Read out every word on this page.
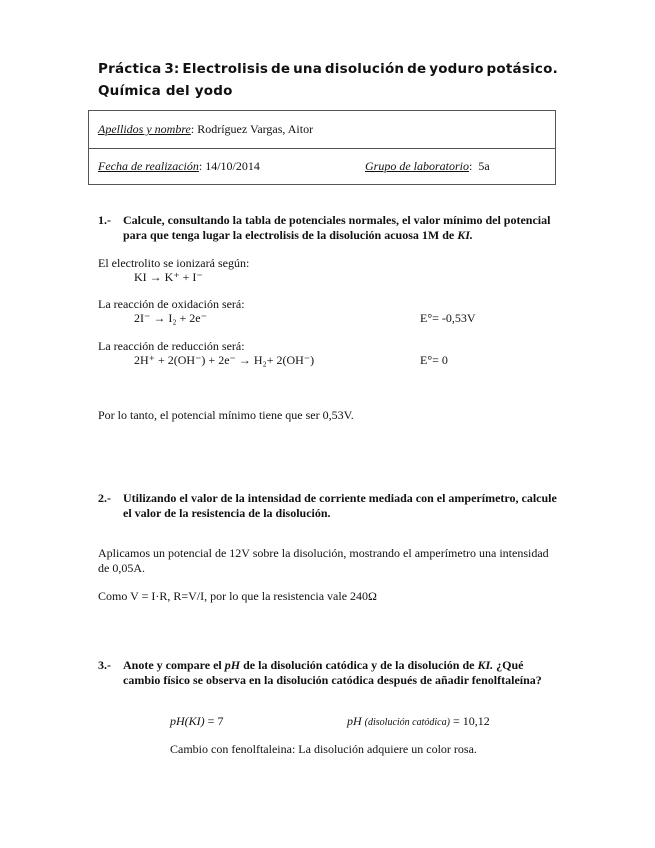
Práctica 3: Electrolisis de una disolución de yoduro potásico.
Química del yodo
Apellidos y nombre : Rodríguez Vargas, Aitor
Fecha de realización : 14/10/2014	Grupo de laboratorio:  5a
1.- Calcule, consultando la tabla de potenciales normales, el valor mínimo del potencial para que tenga lugar la electrolisis de la disolución acuosa 1M de KI.
El electrolito se ionizará según:
KI → K⁺ + I⁻
La reacción de oxidación será:
2I⁻ → I₂ + 2e⁻	E°= -0,53V
La reacción de reducción será:
2H⁺ + 2(OH⁻) + 2e⁻ → H₂+ 2(OH⁻)	E°= 0
Por lo tanto, el potencial mínimo tiene que ser 0,53V.
2.- Utilizando el valor de la intensidad de corriente mediada con el amperímetro, calcule el valor de la resistencia de la disolución.
Aplicamos un potencial de 12V sobre la disolución, mostrando el amperímetro una intensidad de 0,05A.
Como V = I·R, R=V/I, por lo que la resistencia vale 240Ω
3.- Anote y compare el pH de la disolución catódica y de la disolución de KI. ¿Qué cambio físico se observa en la disolución catódica después de añadir fenolftaleína?
pH(KI) = 7	pH (disolución catódica) = 10,12
Cambio con fenolftaleina: La disolución adquiere un color rosa.
